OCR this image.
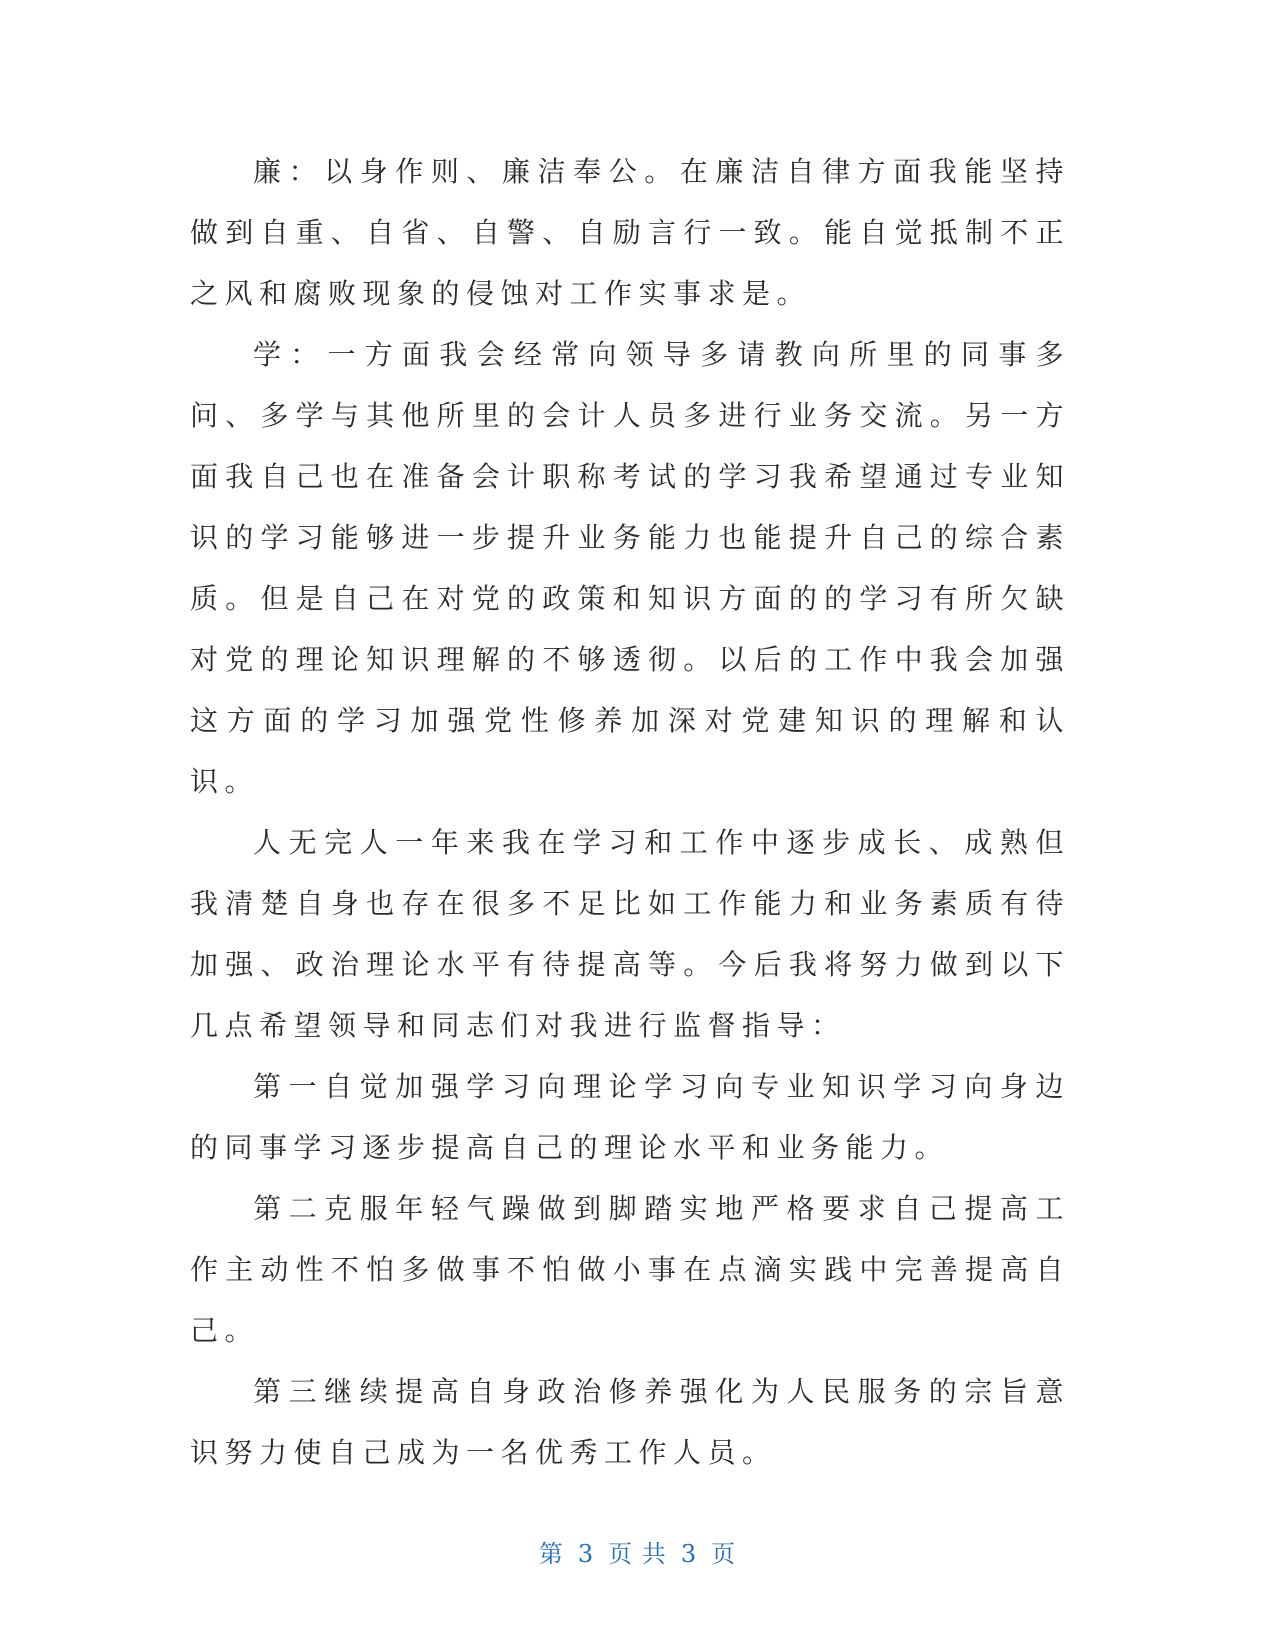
廉：以身作则、廉洁奉公。在廉洁自律方面我能坚持做到自重、自省、自警、自励言行一致。能自觉抵制不正之风和腐败现象的侵蚀对工作实事求是。

学：一方面我会经常向领导多请教向所里的同事多问、多学与其他所里的会计人员多进行业务交流。另一方面我自己也在准备会计职称考试的学习我希望通过专业知识的学习能够进一步提升业务能力也能提升自己的综合素质。但是自己在对党的政策和知识方面的的学习有所欠缺对党的理论知识理解的不够透彻。以后的工作中我会加强这方面的学习加强党性修养加深对党建知识的理解和认识。

人无完人一年来我在学习和工作中逐步成长、成熟但我清楚自身也存在很多不足比如工作能力和业务素质有待加强、政治理论水平有待提高等。今后我将努力做到以下几点希望领导和同志们对我进行监督指导：

第一自觉加强学习向理论学习向专业知识学习向身边的同事学习逐步提高自己的理论水平和业务能力。

第二克服年轻气躁做到脚踏实地严格要求自己提高工作主动性不怕多做事不怕做小事在点滴实践中完善提高自己。

第三继续提高自身政治修养强化为人民服务的宗旨意识努力使自己成为一名优秀工作人员。

第 3 页 共 3 页
